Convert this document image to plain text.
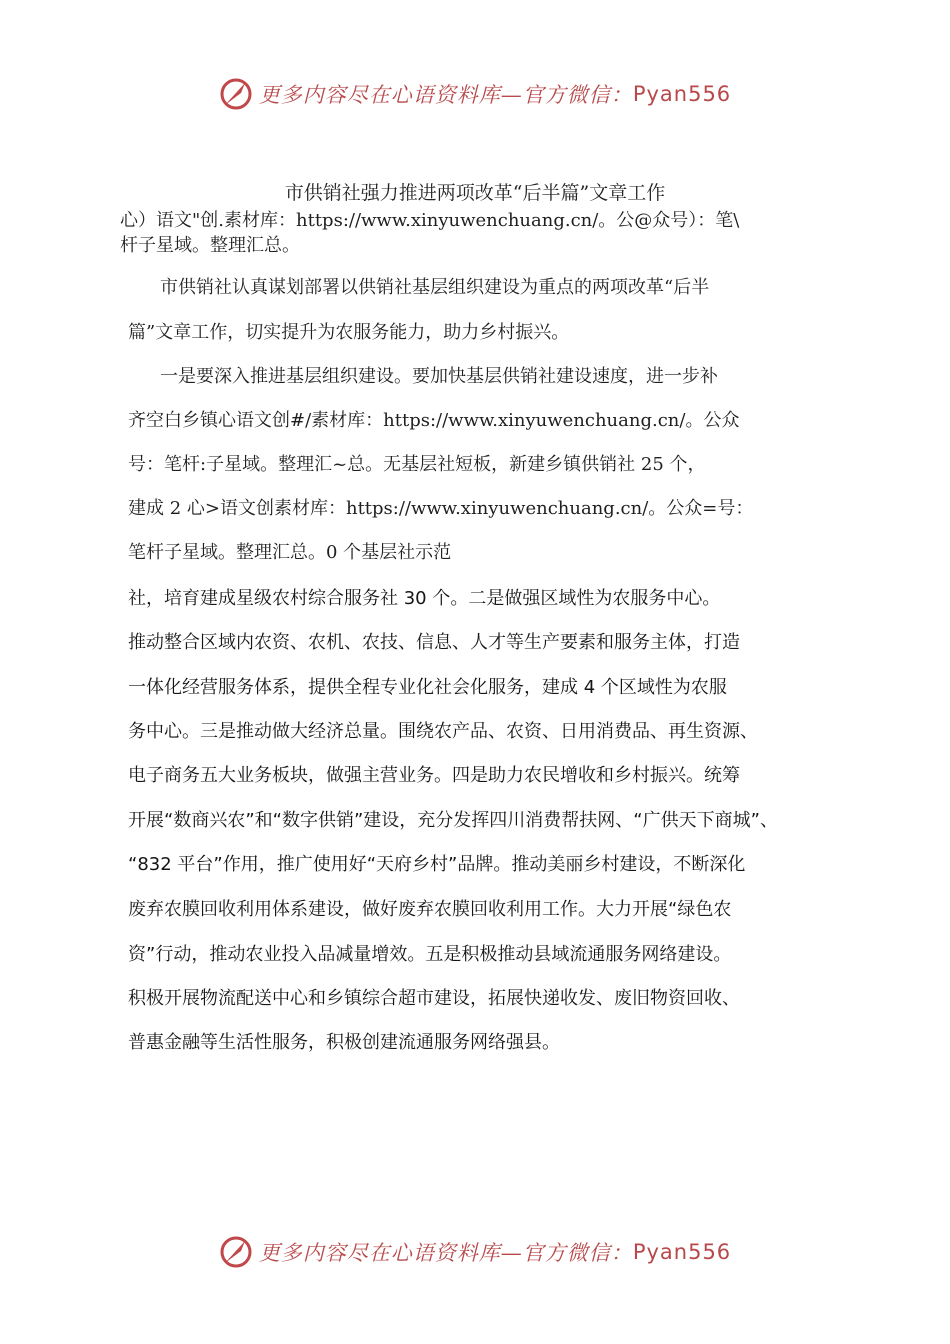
更多内容尽在心语资料库—官方微信： Pyan556
市供销社强力推进两项改革“后半篇”文章工作
心）语文"创.素材库：https://www.xinyuwenchuang.cn/。公@众号）：笔\
杆子星域。整理汇总。
市供销社认真谋划部署以供销社基层组织建设为重点的两项改革“后半
篇”文章工作，切实提升为农服务能力，助力乡村振兴。
一是要深入推进基层组织建设。要加快基层供销社建设速度，进一步补
齐空白乡镇心语文创#/素材库：https://www.xinyuwenchuang.cn/。公众
号：笔杆:子星域。整理汇~总。无基层社短板，新建乡镇供销社 25 个，
建成 2 心>语文创素材库：https://www.xinyuwenchuang.cn/。公众=号：
笔杆子星域。整理汇总。0 个基层社示范
社，培育建成星级农村综合服务社 30 个。二是做强区域性为农服务中心。
推动整合区域内农资、农机、农技、信息、人才等生产要素和服务主体，打造
一体化经营服务体系，提供全程专业化社会化服务，建成 4 个区域性为农服
务中心。三是推动做大经济总量。围绕农产品、农资、日用消费品、再生资源、
电子商务五大业务板块，做强主营业务。四是助力农民增收和乡村振兴。统筹
开展“数商兴农”和“数字供销”建设，充分发挥四川消费帮扶网、“广供天下商城”、
“832 平台”作用，推广使用好“天府乡村”品牌。推动美丽乡村建设，不断深化
废弃农膜回收利用体系建设，做好废弃农膜回收利用工作。大力开展“绿色农
资”行动，推动农业投入品减量增效。五是积极推动县域流通服务网络建设。
积极开展物流配送中心和乡镇综合超市建设，拓展快递收发、废旧物资回收、
普惠金融等生活性服务，积极创建流通服务网络强县。
更多内容尽在心语资料库—官方微信： Pyan556
